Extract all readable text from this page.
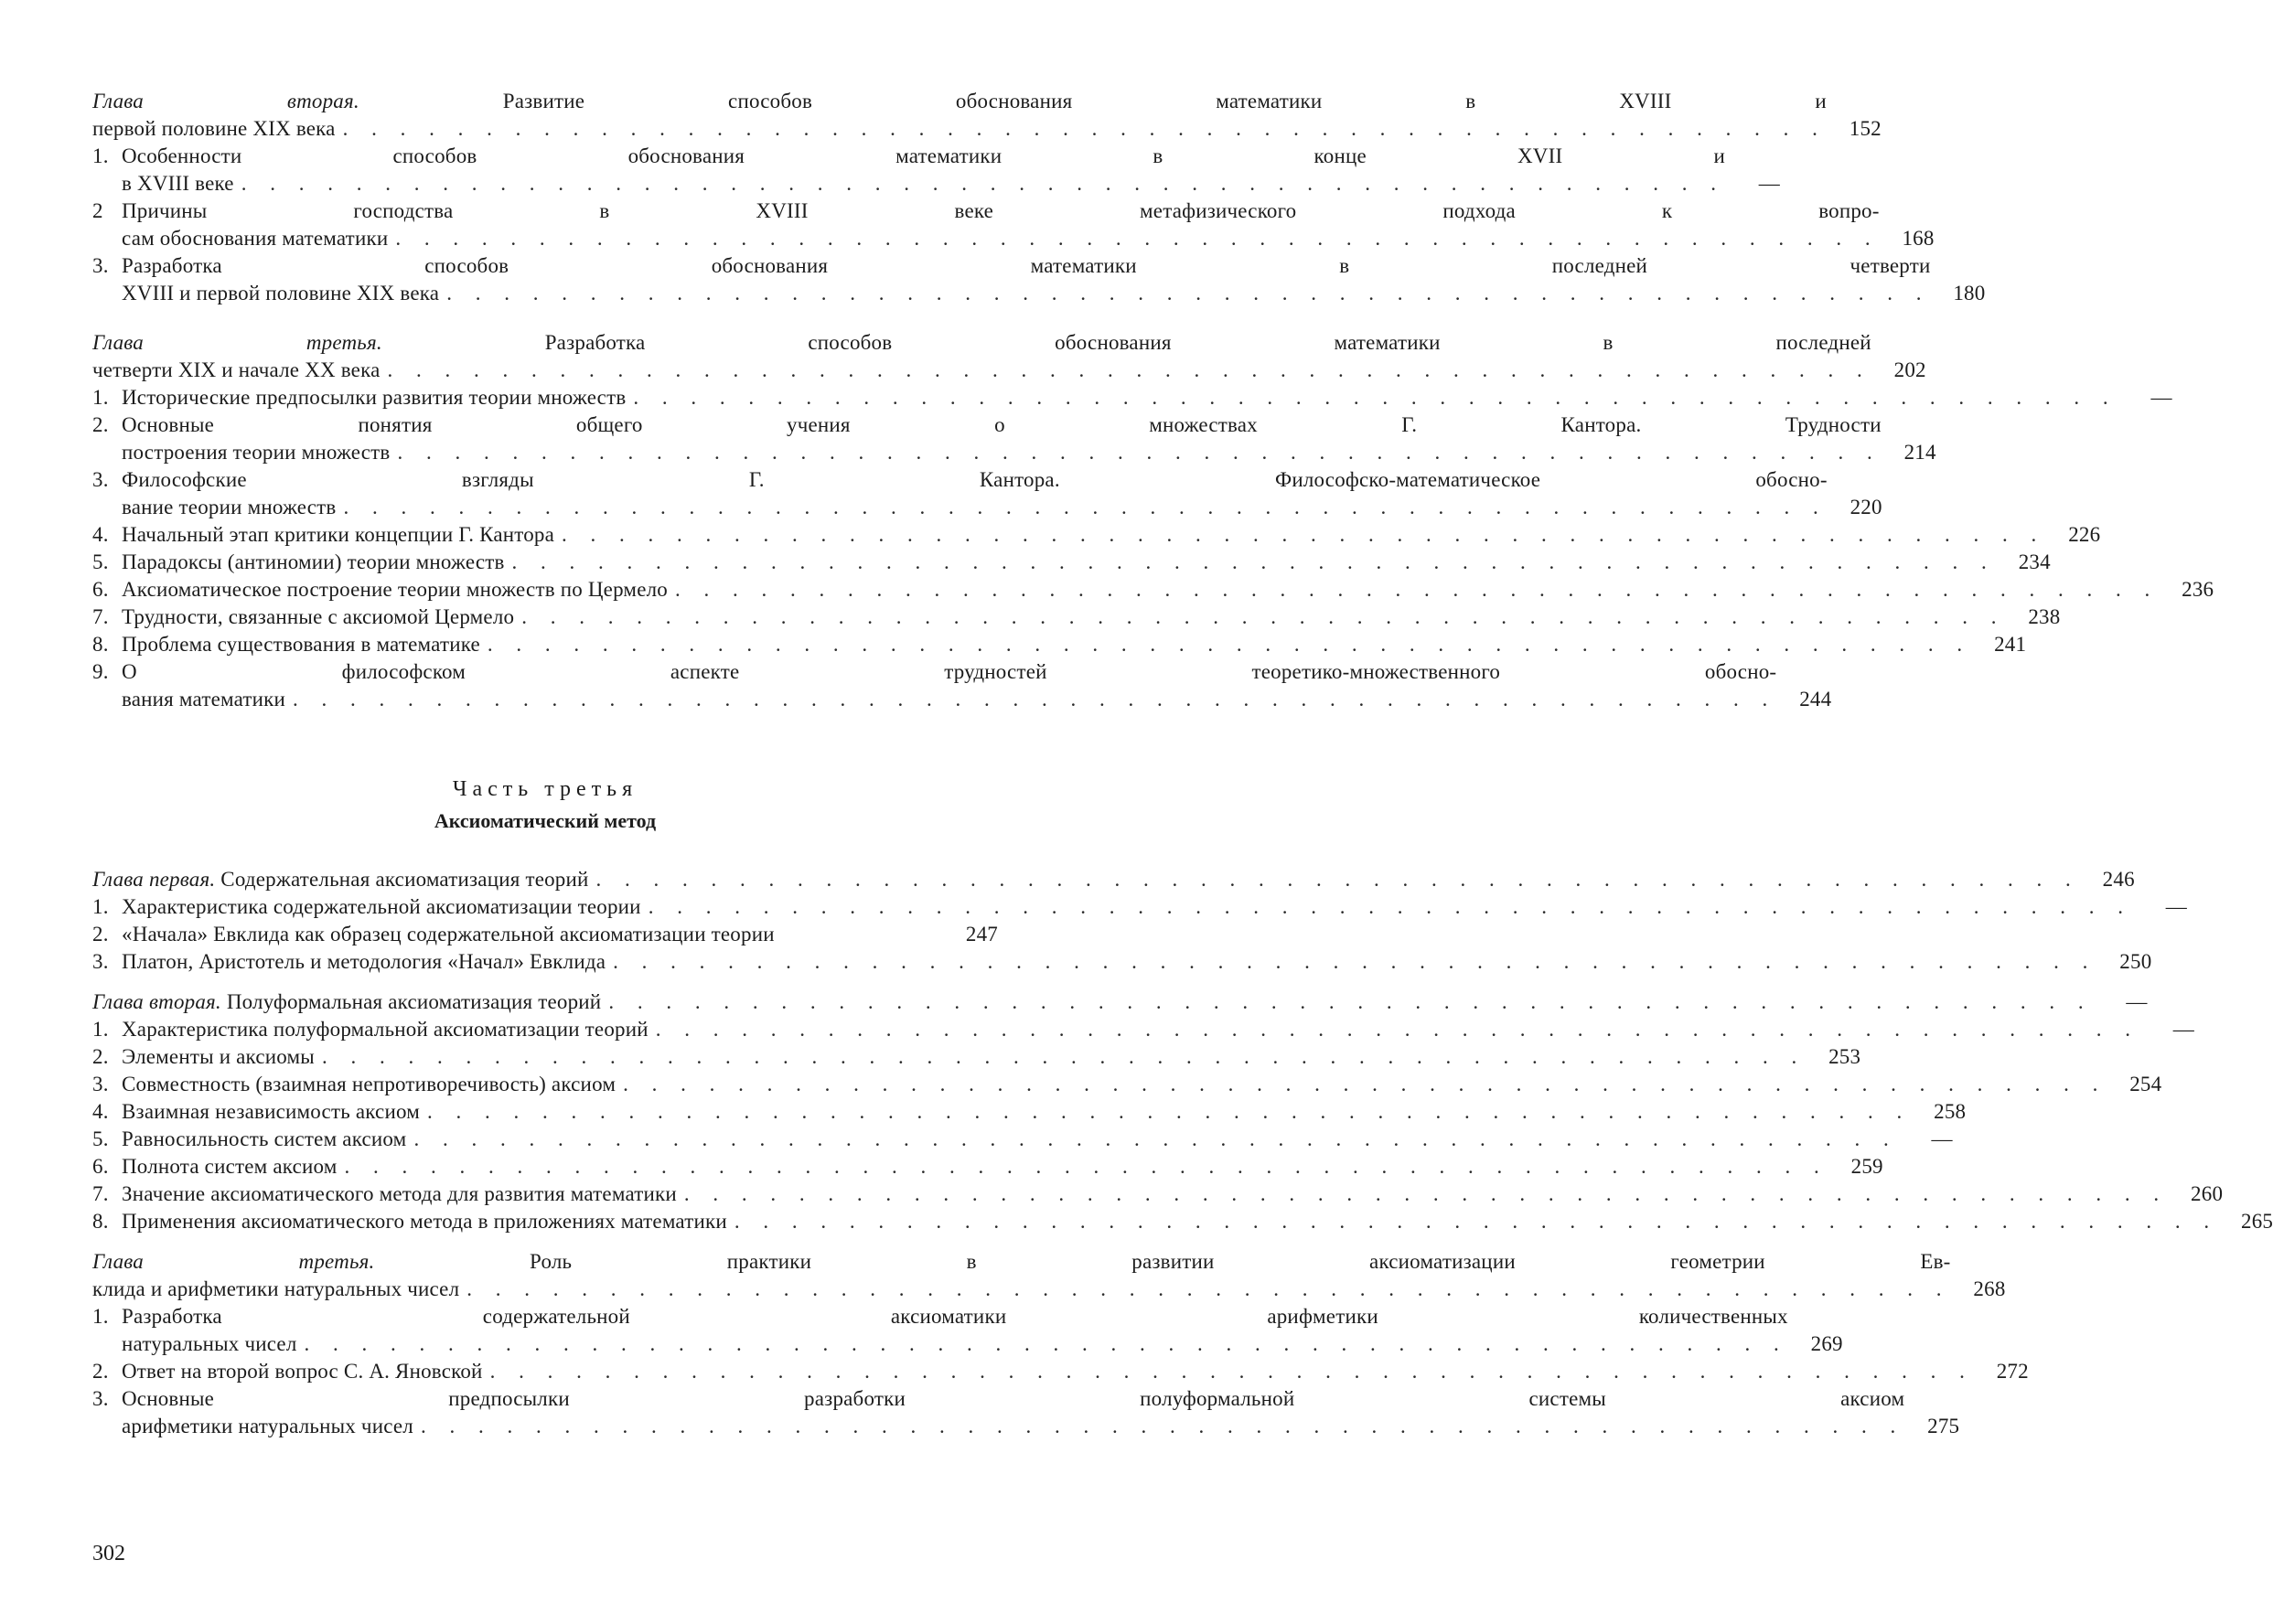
Глава вторая. Развитие способов обоснования математики в XVIII и
первой половине XIX века . . . . . . . . . . . . . . . . . . . . . . . . . . . . . . . . . . . . . . . . . . . . . . . . . . . .	152
1. Особенности способов обоснования математики в конце XVII и
в XVIII веке . . . . . . . . . . . . . . . . . . . . . . . . . . . . . . . . . . . . . . . . . . . . . . . . . . . .	—
2 Причины господства в XVIII веке метафизического подхода к вопро-
сам обоснования математики . . . . . . . . . . . . . . . . . . . . . . . . . . . . . . . . . . . . . . . . . . . . . . . . . . . .	168
3. Разработка способов обоснования математики в последней четверти
XVIII и первой половине XIX века . . . . . . . . . . . . . . . . . . . . . . . . . . . . . . . . . . . . . . . . . . . . . . . . . . . .	180
Глава третья. Разработка способов обоснования математики в последней
четверти XIX и начале XX века . . . . . . . . . . . . . . . . . . . . . . . . . . . . . . . . . . . . . . . . . . . . . . . . . . . .	202
1. Исторические предпосылки развития теории множеств . . . . . . . . . . . . . . . . . . . . . . . . . . . . . . . . . . . . . . . . . . . . . . . . . . . .	—
2. Основные понятия общего учения о множествах Г. Кантора. Трудности
построения теории множеств . . . . . . . . . . . . . . . . . . . . . . . . . . . . . . . . . . . . . . . . . . . . . . . . . . . .	214
3. Философские взгляды Г. Кантора. Философско-математическое обосно-
вание теории множеств . . . . . . . . . . . . . . . . . . . . . . . . . . . . . . . . . . . . . . . . . . . . . . . . . . . .	220
4. Начальный этап критики концепции Г. Кантора . . . . . . . . . . . . . . . . . . . . . . . . . . . . . . . . . . . . . . . . . . . . . . . . . . . .	226
5. Парадоксы (антиномии) теории множеств . . . . . . . . . . . . . . . . . . . . . . . . . . . . . . . . . . . . . . . . . . . . . . . . . . . .	234
6. Аксиоматическое построение теории множеств по Цермело . . . . . . . . . . . . . . . . . . . . . . . . . . . . . . . . . . . . . . . . . . . . . . . . . . . .	236
7. Трудности, связанные с аксиомой Цермело . . . . . . . . . . . . . . . . . . . . . . . . . . . . . . . . . . . . . . . . . . . . . . . . . . . .	238
8. Проблема существования в математике . . . . . . . . . . . . . . . . . . . . . . . . . . . . . . . . . . . . . . . . . . . . . . . . . . . .	241
9. О философском аспекте трудностей теоретико-множественного обосно-
вания математики . . . . . . . . . . . . . . . . . . . . . . . . . . . . . . . . . . . . . . . . . . . . . . . . . . . .	244
Часть третья
Аксиоматический метод
Глава первая. Содержательная аксиоматизация теорий . . . . . . . . . . . . . . . . . . . . . . . . . . . . . . . . . . . . . . . . . . . . . . . . . . . .	246
1. Характеристика содержательной аксиоматизации теории . . . . . . . . . . . . . . . . . . . . . . . . . . . . . . . . . . . . . . . . . . . . . . . . . . . .	—
2. «Начала» Евклида как образец содержательной аксиоматизации теории	247
3. Платон, Аристотель и методология «Начал» Евклида . . . . . . . . . . . . . . . . . . . . . . . . . . . . . . . . . . . . . . . . . . . . . . . . . . . .	250
Глава вторая. Полуформальная аксиоматизация теорий . . . . . . . . . . . . . . . . . . . . . . . . . . . . . . . . . . . . . . . . . . . . . . . . . . . .	—
1. Характеристика полуформальной аксиоматизации теорий . . . . . . . . . . . . . . . . . . . . . . . . . . . . . . . . . . . . . . . . . . . . . . . . . . . .	—
2. Элементы и аксиомы . . . . . . . . . . . . . . . . . . . . . . . . . . . . . . . . . . . . . . . . . . . . . . . . . . . .	253
3. Совместность (взаимная непротиворечивость) аксиом . . . . . . . . . . . . . . . . . . . . . . . . . . . . . . . . . . . . . . . . . . . . . . . . . . . .	254
4. Взаимная независимость аксиом . . . . . . . . . . . . . . . . . . . . . . . . . . . . . . . . . . . . . . . . . . . . . . . . . . . .	258
5. Равносильность систем аксиом . . . . . . . . . . . . . . . . . . . . . . . . . . . . . . . . . . . . . . . . . . . . . . . . . . . .	—
6. Полнота систем аксиом . . . . . . . . . . . . . . . . . . . . . . . . . . . . . . . . . . . . . . . . . . . . . . . . . . . .	259
7. Значение аксиоматического метода для развития математики . . . . . . . . . . . . . . . . . . . . . . . . . . . . . . . . . . . . . . . . . . . . . . . . . . . .	260
8. Применения аксиоматического метода в приложениях математики . . . . . . . . . . . . . . . . . . . . . . . . . . . . . . . . . . . . . . . . . . . . . . . . . . . .	265
Глава третья. Роль практики в развитии аксиоматизации геометрии Ев-
клида и арифметики натуральных чисел . . . . . . . . . . . . . . . . . . . . . . . . . . . . . . . . . . . . . . . . . . . . . . . . . . . .	268
1. Разработка содержательной аксиоматики арифметики количественных
натуральных чисел . . . . . . . . . . . . . . . . . . . . . . . . . . . . . . . . . . . . . . . . . . . . . . . . . . . .	269
2. Ответ на второй вопрос С. А. Яновской . . . . . . . . . . . . . . . . . . . . . . . . . . . . . . . . . . . . . . . . . . . . . . . . . . . .	272
3. Основные предпосылки разработки полуформальной системы аксиом
арифметики натуральных чисел . . . . . . . . . . . . . . . . . . . . . . . . . . . . . . . . . . . . . . . . . . . . . . . . . . . .	275
302
